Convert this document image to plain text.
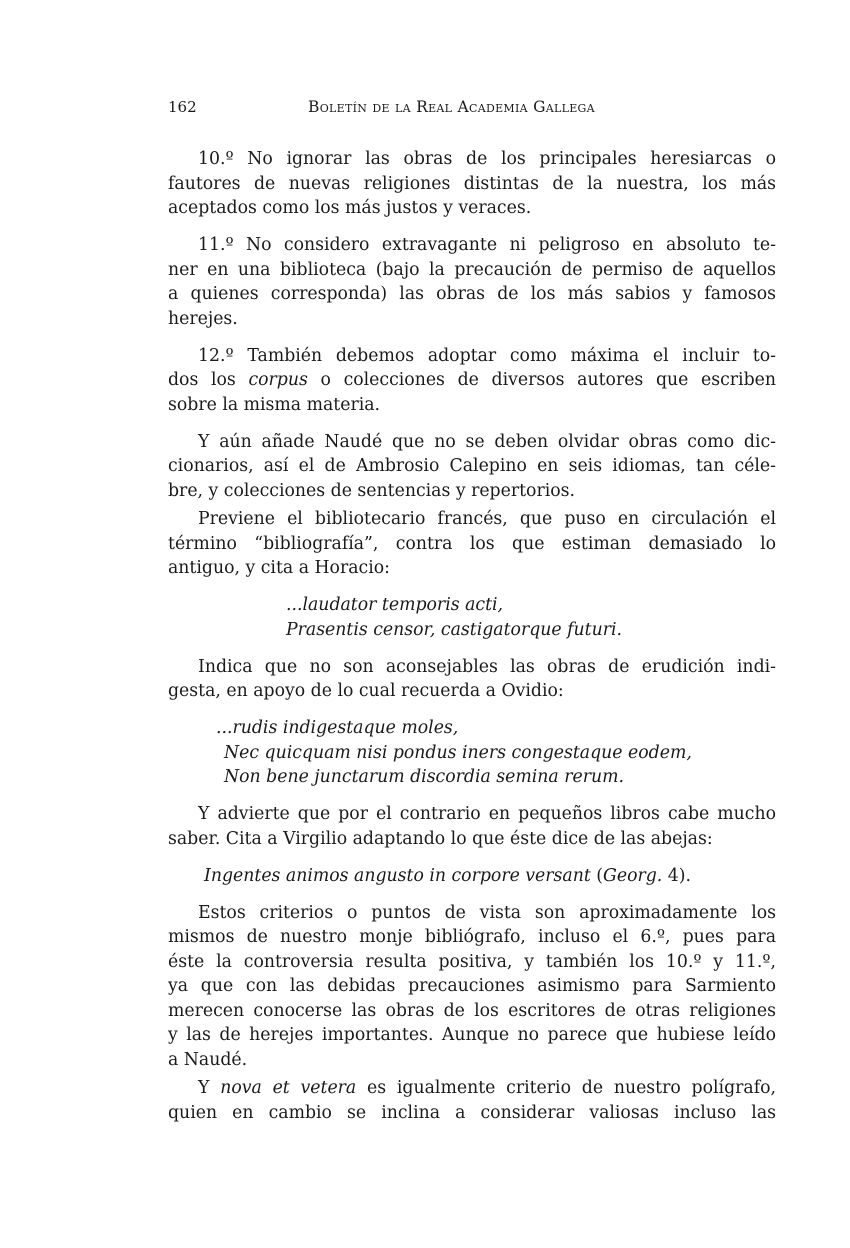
162	Boletín de la Real Academia Gallega
10.º No ignorar las obras de los principales heresiarcas o
fautores de nuevas religiones distintas de la nuestra, los más
aceptados como los más justos y veraces.
11.º No considero extravagante ni peligroso en absoluto te-
ner en una biblioteca (bajo la precaución de permiso de aquellos
a quienes corresponda) las obras de los más sabios y famosos
herejes.
12.º También debemos adoptar como máxima el incluir to-
dos los corpus o colecciones de diversos autores que escriben
sobre la misma materia.
Y aún añade Naudé que no se deben olvidar obras como dic-
cionarios, así el de Ambrosio Calepino en seis idiomas, tan céle-
bre, y colecciones de sentencias y repertorios.
Previene el bibliotecario francés, que puso en circulación el
término “bibliografía”, contra los que estiman demasiado lo
antiguo, y cita a Horacio:
...laudator temporis acti,
Prasentis censor, castigatorque futuri.
Indica que no son aconsejables las obras de erudición indi-
gesta, en apoyo de lo cual recuerda a Ovidio:
...rudis indigestaque moles,
Nec quicquam nisi pondus iners congestaque eodem,
Non bene junctarum discordia semina rerum.
Y advierte que por el contrario en pequeños libros cabe mucho
saber. Cita a Virgilio adaptando lo que éste dice de las abejas:
Ingentes animos angusto in corpore versant (Georg. 4).
Estos criterios o puntos de vista son aproximadamente los
mismos de nuestro monje bibliógrafo, incluso el 6.º, pues para
éste la controversia resulta positiva, y también los 10.º y 11.º,
ya que con las debidas precauciones asimismo para Sarmiento
merecen conocerse las obras de los escritores de otras religiones
y las de herejes importantes. Aunque no parece que hubiese leído
a Naudé.
Y nova et vetera es igualmente criterio de nuestro polígrafo,
quien en cambio se inclina a considerar valiosas incluso las
